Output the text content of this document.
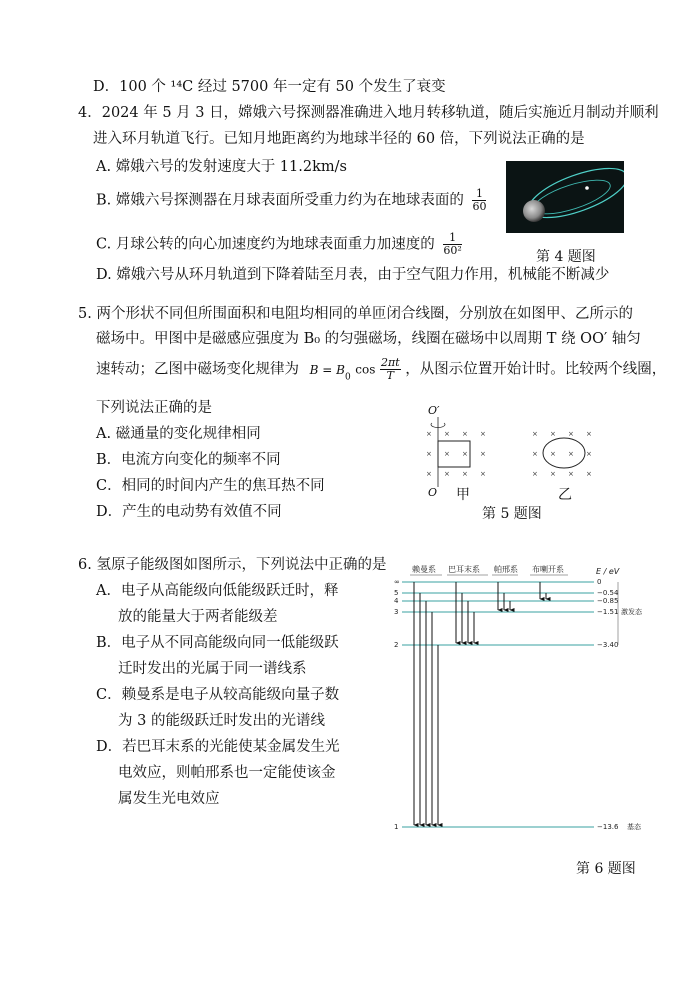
D．100 个 ¹⁴C 经过 5700 年一定有 50 个发生了衰变
4．2024 年 5 月 3 日，嫦娥六号探测器准确进入地月转移轨道，随后实施近月制动并顺利
进入环月轨道飞行。已知月地距离约为地球半径的 60 倍，下列说法正确的是
A. 嫦娥六号的发射速度大于 11.2km/s
B. 嫦娥六号探测器在月球表面所受重力约为在地球表面的 $\frac{1}{60}$
C. 月球公转的向心加速度约为地球表面重力加速度的 $\frac{1}{\text{60²}}$
D. 嫦娥六号从环月轨道到下降着陆至月表，由于空气阻力作用，机械能不断减少
第 4 题图
5. 两个形状不同但所围面积和电阻均相同的单匝闭合线圈，分别放在如图甲、乙所示的
磁场中。甲图中是磁感应强度为 B₀ 的匀强磁场，线圈在磁场中以周期 T 绕 OO′ 轴匀
速转动；乙图中磁场变化规律为 $B = B_0$ $\cos \frac{2\pi t}{T}$ ，从图示位置开始计时。比较两个线圈，
下列说法正确的是
A. 磁通量的变化规律相同
B．电流方向变化的频率不同
C．相同的时间内产生的焦耳热不同
D．产生的电动势有效值不同
× × × ×
× × × ×
× × × ×
× × × ×
× × × ×
× × × ×
O′
O 甲	乙
第 5 题图
6. 氢原子能级图如图所示，下列说法中正确的是
A．电子从高能级向低能级跃迁时，释
放的能量大于两者能级差
B．电子从不同高能级向同一低能级跃
迁时发出的光属于同一谱线系
C．赖曼系是电子从较高能级向量子数
为 3 的能级跃迁时发出的光谱线
D．若巴耳末系的光能使某金属发生光
电效应，则帕邢系也一定能使该金
属发生光电效应
赖曼系 巴耳末系 帕邢系 布喇开系	E / eV
∞
5
4
3
2
1
0
−0.54
−0.85
−1.51
−3.40
−13.6
激发态
基态
第 6 题图
